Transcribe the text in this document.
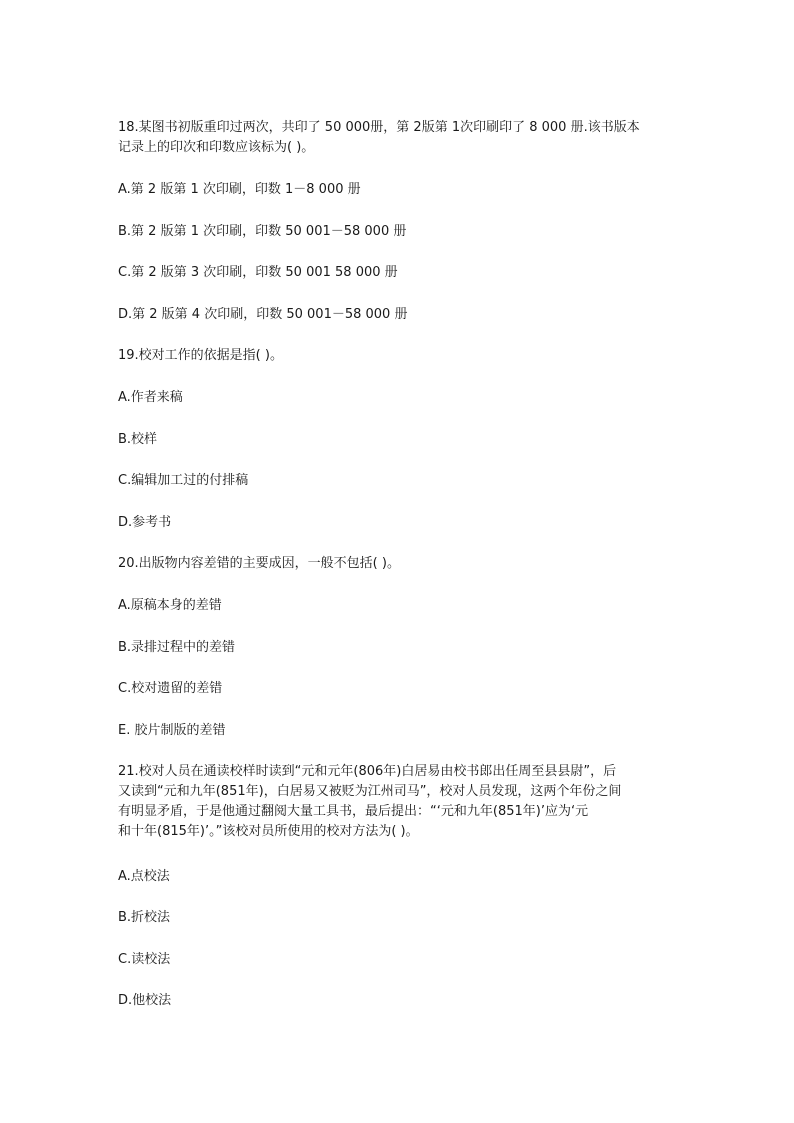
18.某图书初版重印过两次，共印了 50 000册，第 2版第 1次印刷印了 8 000 册.该书版本
记录上的印次和印数应该标为( )。
A.第 2 版第 1 次印刷，印数 1－8 000 册
B.第 2 版第 1 次印刷，印数 50 001－58 000 册
C.第 2 版第 3 次印刷，印数 50 001 58 000 册
D.第 2 版第 4 次印刷，印数 50 001－58 000 册
19.校对工作的依据是指( )。
A.作者来稿
B.校样
C.编辑加工过的付排稿
D.参考书
20.出版物内容差错的主要成因，一般不包括( )。
A.原稿本身的差错
B.录排过程中的差错
C.校对遗留的差错
E. 胶片制版的差错
21.校对人员在通读校样时读到“元和元年(806年)白居易由校书郎出任周至县县尉”，后
又读到“元和九年(851年)，白居易又被贬为江州司马”，校对人员发现，这两个年份之间
有明显矛盾，于是他通过翻阅大量工具书，最后提出：“‘元和九年(851年)’应为‘元
和十年(815年)’。”该校对员所使用的校对方法为( )。
A.点校法
B.折校法
C.读校法
D.他校法
